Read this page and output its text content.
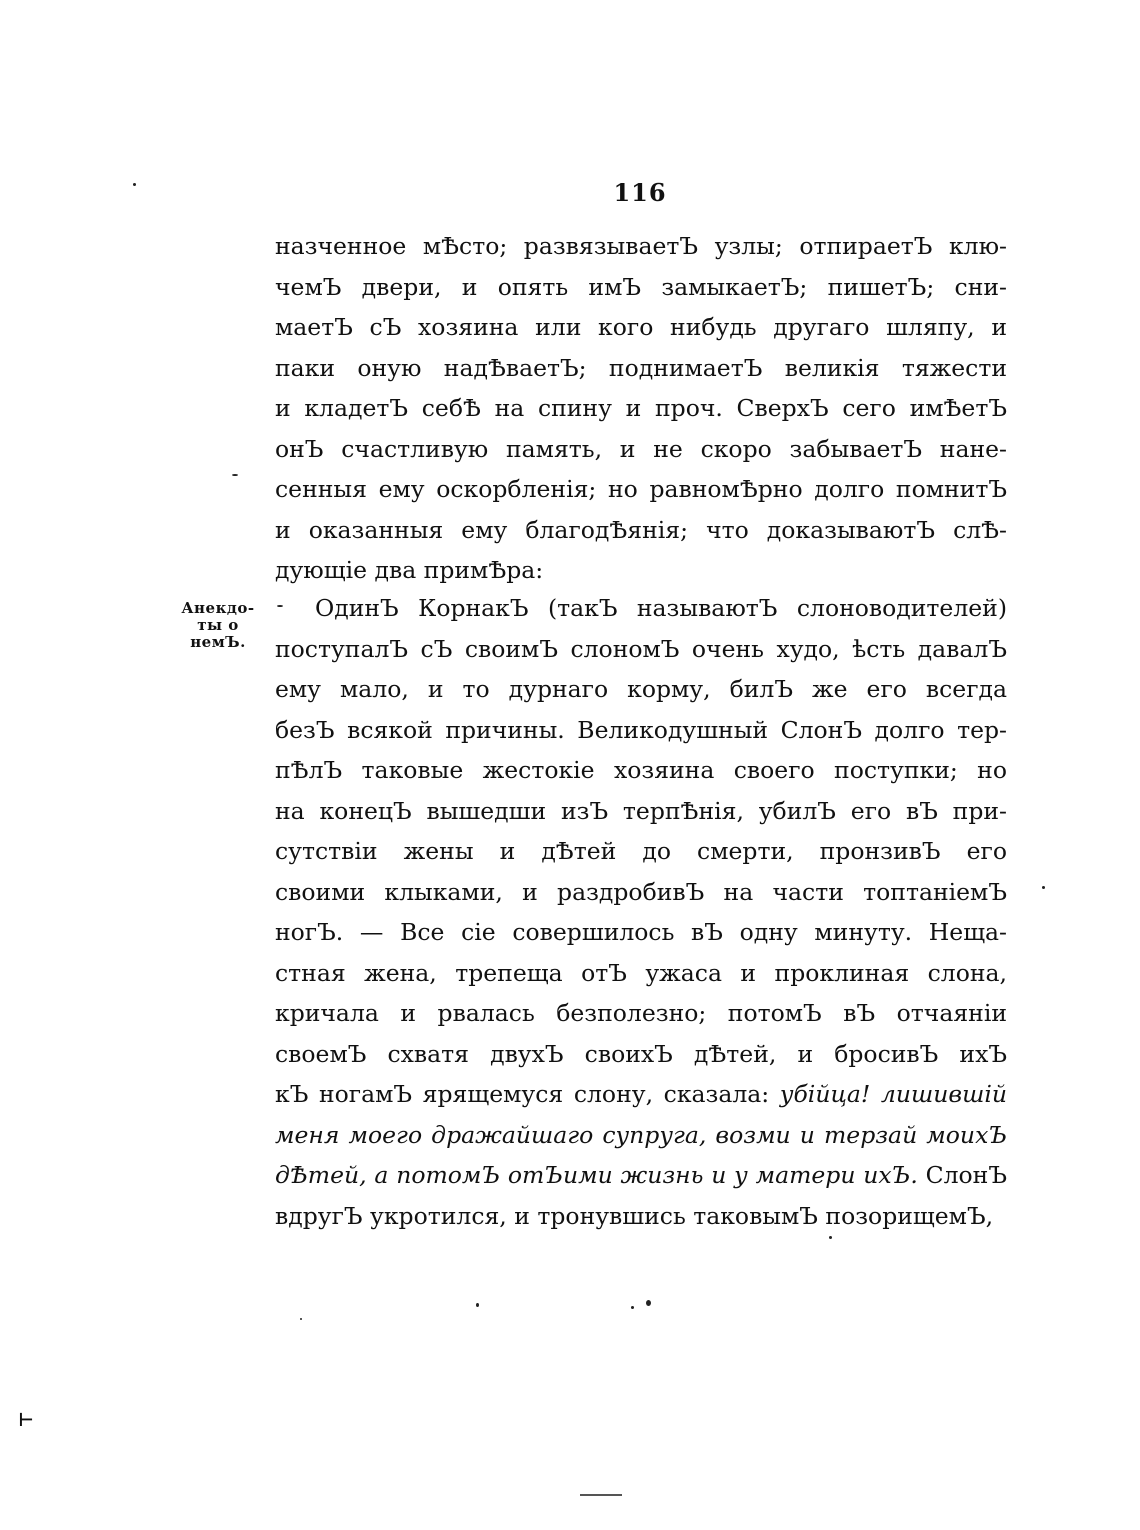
116
назченное мѢсто; развязываетЪ узлы; отпираетЪ клю-
чемЪ двери, и опять имЪ замыкаетЪ; пишетЪ; сни-
маетЪ сЪ хозяина или кого нибудь другаго шляпу, и
паки оную надѢваетЪ; поднимаетЪ великія тяжести
и кладетЪ себѢ на спину и проч. СверхЪ сего имѢетЪ
онЪ счастливую память, и не скоро забываетЪ нане-
сенныя ему оскорбленія; но равномѢрно долго помнитЪ
и оказанныя ему благодѢянія; что доказываютЪ слѢ-
дующіе два примѢра:
Анекдо-
ты о
немЪ.
ОдинЪ КорнакЪ (такЪ называютЪ слоноводителей)
поступалЪ сЪ своимЪ слономЪ очень худо, ѣсть давалЪ
ему мало, и то дурнаго корму, билЪ же его всегда
безЪ всякой причины. Великодушный СлонЪ долго тер-
пѢлЪ таковые жестокіе хозяина своего поступки; но
на конецЪ вышедши изЪ терпѢнія, убилЪ его вЪ при-
сутствіи жены и дѢтей до смерти, пронзивЪ его
своими клыками, и раздробивЪ на части топтаніемЪ
ногЪ. — Все сіе совершилось вЪ одну минуту. Неща-
стная жена, трепеща отЪ ужаса и проклиная слона,
кричала и рвалась безполезно; потомЪ вЪ отчаяніи
своемЪ схватя двухЪ своихЪ дѢтей, и бросивЪ ихЪ
кЪ ногамЪ ярящемуся слону, сказала: убійца! лишившій
меня моего дражайшаго супруга, возми и терзай моихЪ
дѢтей, а потомЪ отЪими жизнь и у матери ихЪ. СлонЪ
вдругЪ укротился, и тронувшись таковымЪ позорищемЪ,
⊢
